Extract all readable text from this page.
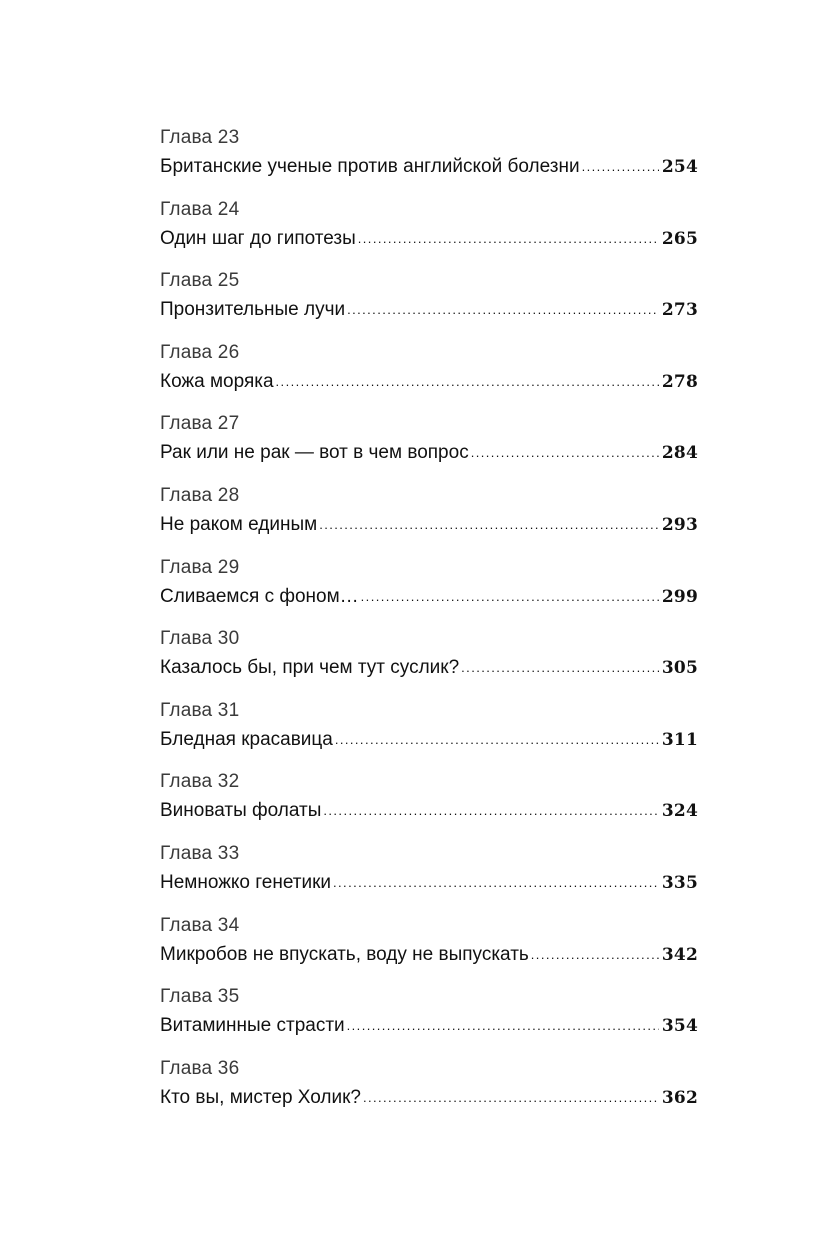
Глава 23
Британские ученые против английской болезни .....	254
Глава 24
Один шаг до гипотезы .....	265
Глава 25
Пронзительные лучи .....	273
Глава 26
Кожа моряка .....	278
Глава 27
Рак или не рак — вот в чем вопрос .....	284
Глава 28
Не раком единым .....	293
Глава 29
Сливаемся с фоном… .....	299
Глава 30
Казалось бы, при чем тут суслик? .....	305
Глава 31
Бледная красавица .....	311
Глава 32
Виноваты фолаты .....	324
Глава 33
Немножко генетики .....	335
Глава 34
Микробов не впускать, воду не выпускать .....	342
Глава 35
Витаминные страсти .....	354
Глава 36
Кто вы, мистер Холик? .....	362
